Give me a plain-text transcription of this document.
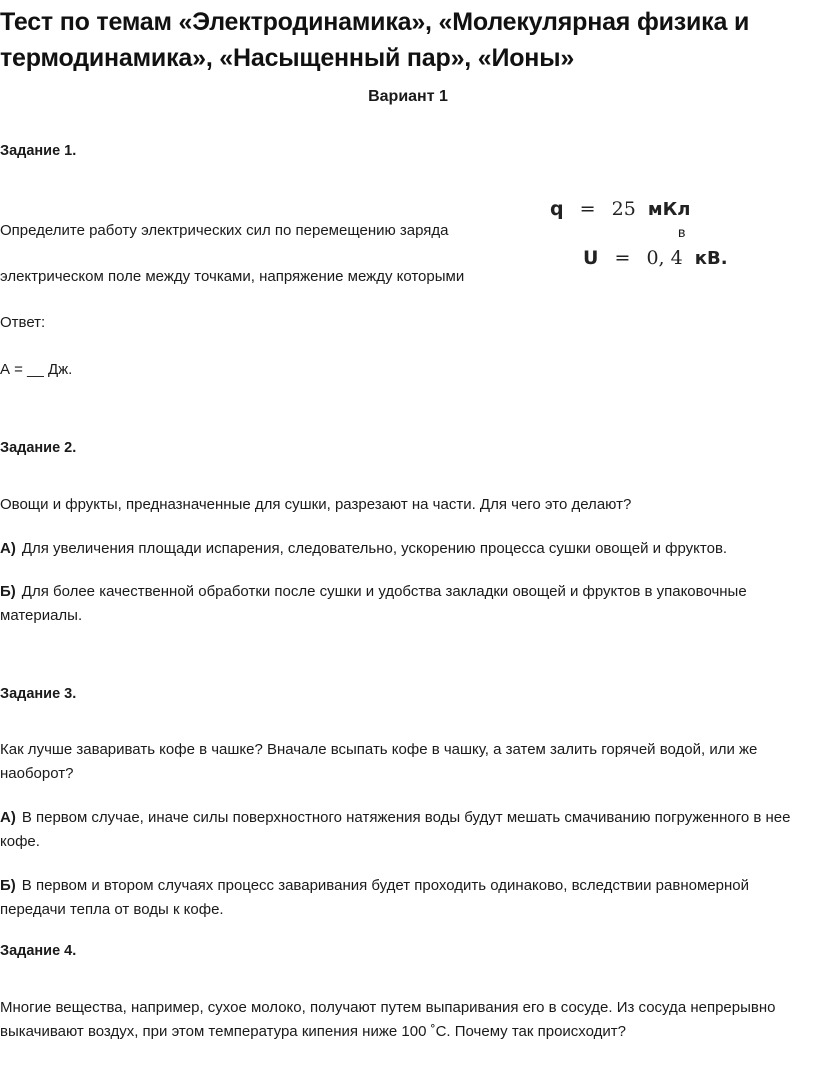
Тест по темам «Электродинамика», «Молекулярная физика и
термодинамика», «Насыщенный пар», «Ионы»
Вариант 1
Задание 1.
Определите работу электрических сил по перемещению заряда	в
электрическом поле между точками, напряжение между которыми
q = 25 мКл
U = 0, 4 кВ.
Ответ:
А = __ Дж.
Задание 2.
Овощи и фрукты, предназначенные для сушки, разрезают на части. Для чего это делают?
А) Для увеличения площади испарения, следовательно, ускорению процесса сушки овощей и фруктов.
Б) Для более качественной обработки после сушки и удобства закладки овощей и фруктов в упаковочные материалы.
Задание 3.
Как лучше заваривать кофе в чашке? Вначале всыпать кофе в чашку, а затем залить горячей водой, или же наоборот?
А) В первом случае, иначе силы поверхностного натяжения воды будут мешать смачиванию погруженного в нее кофе.
Б) В первом и втором случаях процесс заваривания будет проходить одинаково, вследствии равномерной передачи тепла от воды к кофе.
Задание 4.
Многие вещества, например, сухое молоко, получают путем выпаривания его в сосуде. Из сосуда непрерывно выкачивают воздух, при этом температура кипения ниже 100 ˚С. Почему так происходит?
